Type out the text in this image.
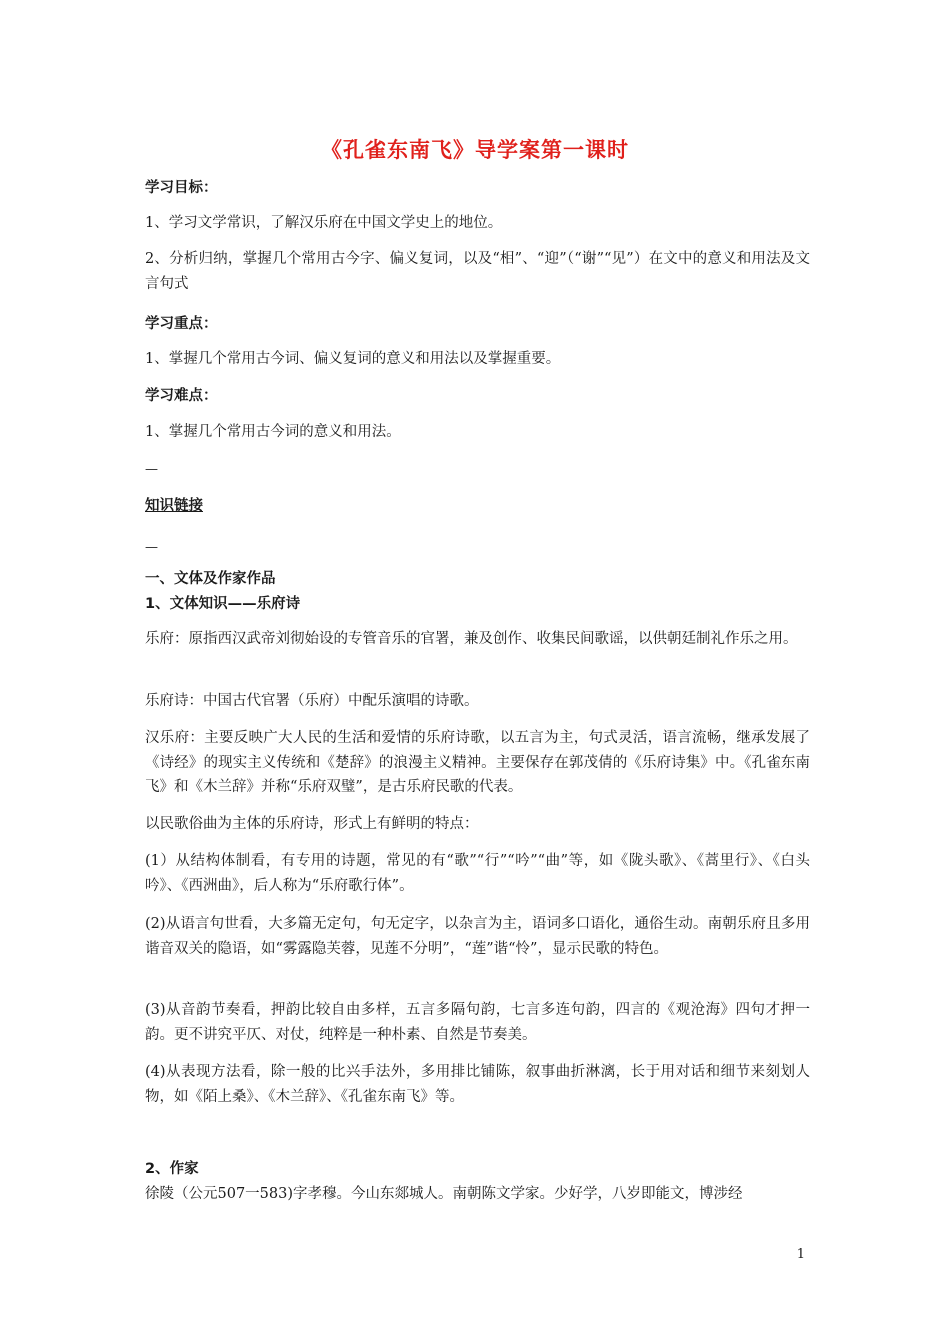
《孔雀东南飞》导学案第一课时
学习目标：
1、学习文学常识，了解汉乐府在中国文学史上的地位。
2、分析归纳，掌握几个常用古今字、偏义复词，以及“相”、“迎”（“谢”“见”）在文中的意义和用法及文言句式
学习重点：
1、掌握几个常用古今词、偏义复词的意义和用法以及掌握重要。
学习难点：
1、掌握几个常用古今词的意义和用法。
—
知识链接
—
一、文体及作家作品
1、文体知识——乐府诗
乐府：原指西汉武帝刘彻始设的专管音乐的官署，兼及创作、收集民间歌谣，以供朝廷制礼作乐之用。
乐府诗：中国古代官署（乐府）中配乐演唱的诗歌。
汉乐府：主要反映广大人民的生活和爱情的乐府诗歌，以五言为主，句式灵活，语言流畅，继承发展了《诗经》的现实主义传统和《楚辞》的浪漫主义精神。主要保存在郭茂倩的《乐府诗集》中。《孔雀东南飞》和《木兰辞》并称“乐府双璧”，是古乐府民歌的代表。
以民歌俗曲为主体的乐府诗，形式上有鲜明的特点：
(1）从结构体制看，有专用的诗题，常见的有“歌”“行”“吟”“曲”等，如《陇头歌》、《蒿里行》、《白头吟》、《西洲曲》，后人称为“乐府歌行体”。
(2)从语言句世看，大多篇无定句，句无定字，以杂言为主，语词多口语化，通俗生动。南朝乐府且多用谐音双关的隐语，如“雾露隐芙蓉，见莲不分明”，“莲”谐“怜”，显示民歌的特色。
(3)从音韵节奏看，押韵比较自由多样，五言多隔句韵，七言多连句韵，四言的《观沧海》四句才押一韵。更不讲究平仄、对仗，纯粹是一种朴素、自然是节奏美。
(4)从表现方法看，除一般的比兴手法外，多用排比铺陈，叙事曲折淋漓，长于用对话和细节来刻划人物，如《陌上桑》、《木兰辞》、《孔雀东南飞》等。
2、作家
徐陵（公元507一583)字孝穆。今山东郯城人。南朝陈文学家。少好学，八岁即能文，博涉经
1
